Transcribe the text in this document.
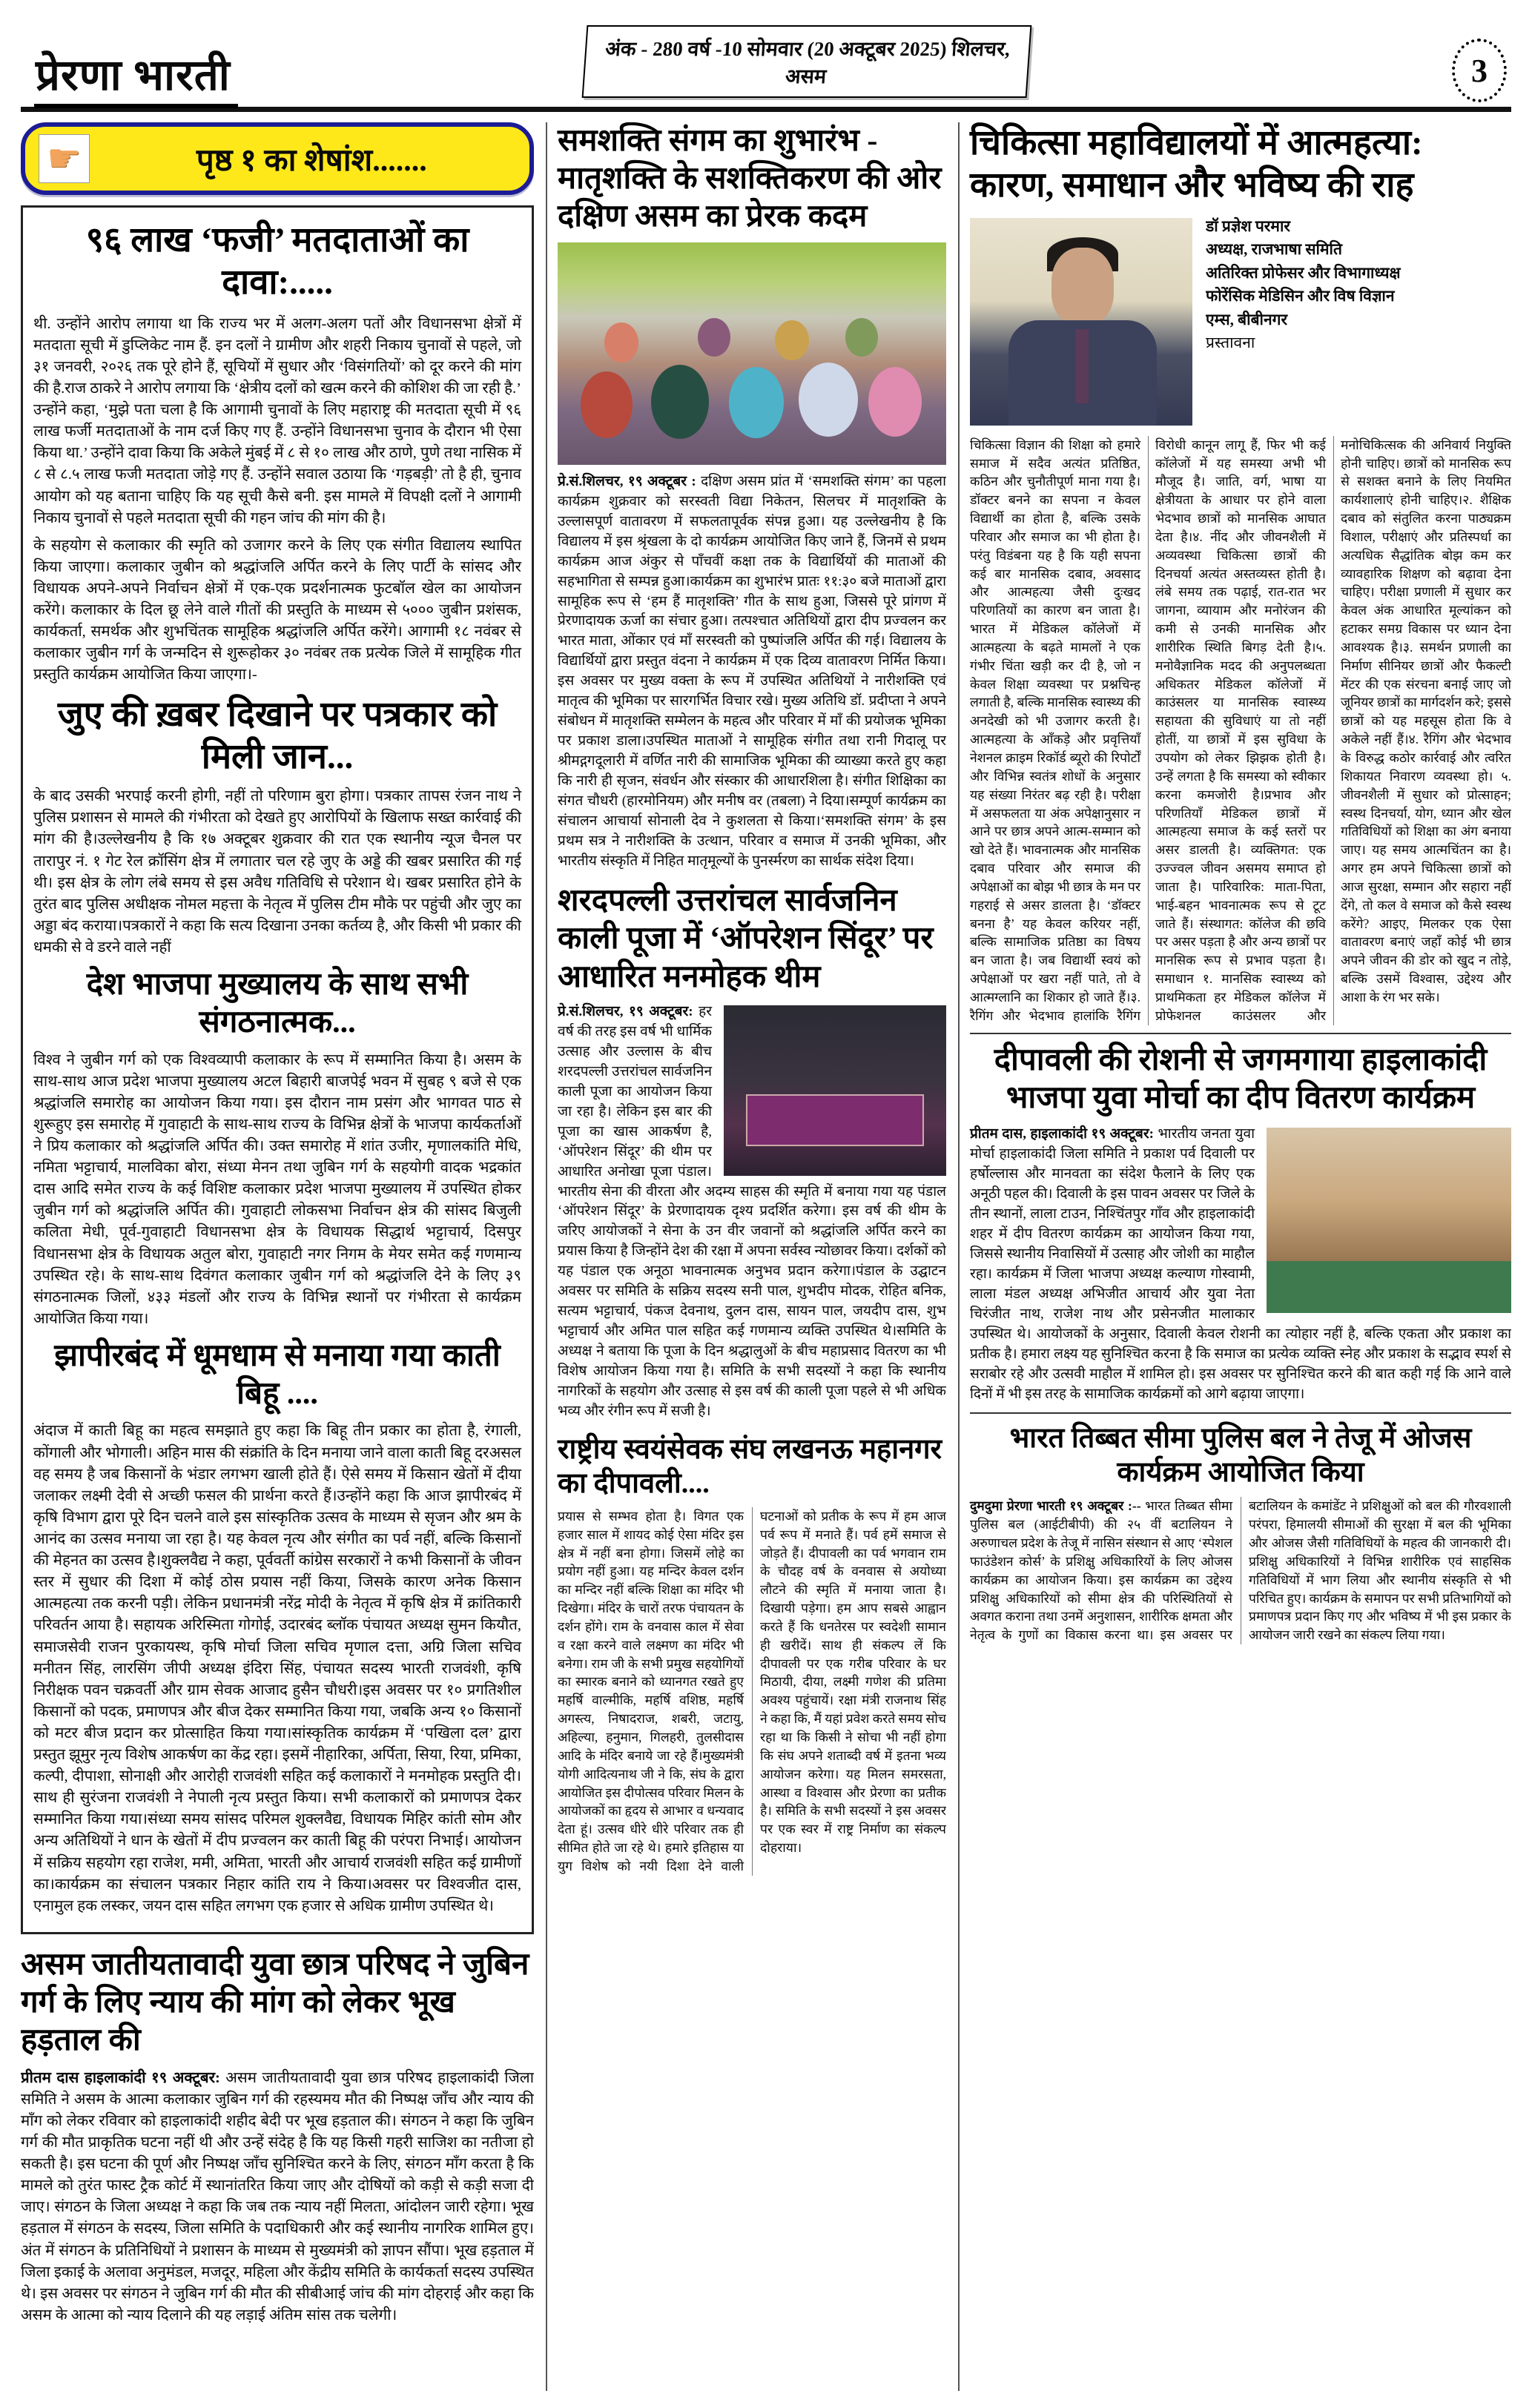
प्रेरणा भारती
अंक - 280 वर्ष -10 सोमवार (20 अक्टूबर 2025) शिलचर, असम	3
☛	पृष्ठ १ का शेषांश.......
९६ लाख ‘फजी’ मतदाताओं का दावा:.....
थी. उन्होंने आरोप लगाया था कि राज्य भर में अलग-अलग पतों और विधानसभा क्षेत्रों में मतदाता सूची में डुप्लिकेट नाम हैं. इन दलों ने ग्रामीण और शहरी निकाय चुनावों से पहले, जो ३१ जनवरी, २०२६ तक पूरे होने हैं, सूचियों में सुधार और ‘विसंगतियों’ को दूर करने की मांग की है.राज ठाकरे ने आरोप लगाया कि ‘क्षेत्रीय दलों को खत्म करने की कोशिश की जा रही है.’ उन्होंने कहा, ‘मुझे पता चला है कि आगामी चुनावों के लिए महाराष्ट्र की मतदाता सूची में ९६ लाख फर्जी मतदाताओं के नाम दर्ज किए गए हैं. उन्होंने विधानसभा चुनाव के दौरान भी ऐसा किया था.’ उन्होंने दावा किया कि अकेले मुंबई में ८ से १० लाख और ठाणे, पुणे तथा नासिक में ८ से ८.५ लाख फजी मतदाता जोड़े गए हैं. उन्होंने सवाल उठाया कि ‘गड़बड़ी’ तो है ही, चुनाव आयोग को यह बताना चाहिए कि यह सूची कैसे बनी. इस मामले में विपक्षी दलों ने आगामी निकाय चुनावों से पहले मतदाता सूची की गहन जांच की मांग की है।
के सहयोग से कलाकार की स्मृति को उजागर करने के लिए एक संगीत विद्यालय स्थापित किया जाएगा। कलाकार जुबीन को श्रद्धांजलि अर्पित करने के लिए पार्टी के सांसद और विधायक अपने-अपने निर्वाचन क्षेत्रों में एक-एक प्रदर्शनात्मक फुटबॉल खेल का आयोजन करेंगे। कलाकार के दिल छू लेने वाले गीतों की प्रस्तुति के माध्यम से ५००० जुबीन प्रशंसक, कार्यकर्ता, समर्थक और शुभचिंतक सामूहिक श्रद्धांजलि अर्पित करेंगे। आगामी १८ नवंबर से कलाकार जुबीन गर्ग के जन्मदिन से शुरूहोकर ३० नवंबर तक प्रत्येक जिले में सामूहिक गीत प्रस्तुति कार्यक्रम आयोजित किया जाएगा।-
जुए की ख़बर दिखाने पर पत्रकार को मिली जान...
के बाद उसकी भरपाई करनी होगी, नहीं तो परिणाम बुरा होगा। पत्रकार तापस रंजन नाथ ने पुलिस प्रशासन से मामले की गंभीरता को देखते हुए आरोपियों के खिलाफ सख्त कार्रवाई की मांग की है।उल्लेखनीय है कि १७ अक्टूबर शुक्रवार की रात एक स्थानीय न्यूज चैनल पर तारापुर नं. १ गेट रेल क्रॉसिंग क्षेत्र में लगातार चल रहे जुए के अड्डे की खबर प्रसारित की गई थी। इस क्षेत्र के लोग लंबे समय से इस अवैध गतिविधि से परेशान थे। खबर प्रसारित होने के तुरंत बाद पुलिस अधीक्षक नोमल महत्ता के नेतृत्व में पुलिस टीम मौके पर पहुंची और जुए का अड्डा बंद कराया।पत्रकारों ने कहा कि सत्य दिखाना उनका कर्तव्य है, और किसी भी प्रकार की धमकी से वे डरने वाले नहीं
देश भाजपा मुख्यालय के साथ सभी संगठनात्मक...
विश्व ने जुबीन गर्ग को एक विश्वव्यापी कलाकार के रूप में सम्मानित किया है। असम के साथ-साथ आज प्रदेश भाजपा मुख्यालय अटल बिहारी बाजपेई भवन में सुबह ९ बजे से एक श्रद्धांजलि समारोह का आयोजन किया गया। इस दौरान नाम प्रसंग और भागवत पाठ से शुरूहुए इस समारोह में गुवाहाटी के साथ-साथ राज्य के विभिन्न क्षेत्रों के भाजपा कार्यकर्ताओं ने प्रिय कलाकार को श्रद्धांजलि अर्पित की। उक्त समारोह में शांत उजीर, मृणालकांति मेधि, नमिता भट्टाचार्य, मालविका बोरा, संध्या मेनन तथा जुबिन गर्ग के सहयोगी वादक भद्रकांत दास आदि समेत राज्य के कई विशिष्ट कलाकार प्रदेश भाजपा मुख्यालय में उपस्थित होकर जुबीन गर्ग को श्रद्धांजलि अर्पित की। गुवाहाटी लोकसभा निर्वाचन क्षेत्र की सांसद बिजुली कलिता मेधी, पूर्व-गुवाहाटी विधानसभा क्षेत्र के विधायक सिद्धार्थ भट्टाचार्य, दिसपुर विधानसभा क्षेत्र के विधायक अतुल बोरा, गुवाहाटी नगर निगम के मेयर समेत कई गणमान्य उपस्थित रहे। के साथ-साथ दिवंगत कलाकार जुबीन गर्ग को श्रद्धांजलि देने के लिए ३९ संगठनात्मक जिलों, ४३३ मंडलों और राज्य के विभिन्न स्थानों पर गंभीरता से कार्यक्रम आयोजित किया गया।
झापीरबंद में धूमधाम से मनाया गया काती बिहू ....
अंदाज में काती बिहू का महत्व समझाते हुए कहा कि बिहू तीन प्रकार का होता है, रंगाली, कोंगाली और भोगाली। अहिन मास की संक्रांति के दिन मनाया जाने वाला काती बिहू दरअसल वह समय है जब किसानों के भंडार लगभग खाली होते हैं। ऐसे समय में किसान खेतों में दीया जलाकर लक्ष्मी देवी से अच्छी फसल की प्रार्थना करते हैं।उन्होंने कहा कि आज झापीरबंद में कृषि विभाग द्वारा पूरे दिन चलने वाले इस सांस्कृतिक उत्सव के माध्यम से सृजन और श्रम के आनंद का उत्सव मनाया जा रहा है। यह केवल नृत्य और संगीत का पर्व नहीं, बल्कि किसानों की मेहनत का उत्सव है।शुक्लवैद्य ने कहा, पूर्ववर्ती कांग्रेस सरकारों ने कभी किसानों के जीवन स्तर में सुधार की दिशा में कोई ठोस प्रयास नहीं किया, जिसके कारण अनेक किसान आत्महत्या तक करनी पड़ी। लेकिन प्रधानमंत्री नरेंद्र मोदी के नेतृत्व में कृषि क्षेत्र में क्रांतिकारी परिवर्तन आया है। सहायक अरिस्मिता गोगोई, उदारबंद ब्लॉक पंचायत अध्यक्ष सुमन कियौत, समाजसेवी राजन पुरकायस्थ, कृषि मोर्चा जिला सचिव मृणाल दत्ता, अग्रि जिला सचिव मनीतन सिंह, लारसिंग जीपी अध्यक्ष इंदिरा सिंह, पंचायत सदस्य भारती राजवंशी, कृषि निरीक्षक पवन चक्रवर्ती और ग्राम सेवक आजाद हुसैन चौधरी।इस अवसर पर १० प्रगतिशील किसानों को पदक, प्रमाणपत्र और बीज देकर सम्मानित किया गया, जबकि अन्य १० किसानों को मटर बीज प्रदान कर प्रोत्साहित किया गया।सांस्कृतिक कार्यक्रम में ‘पखिला दल’ द्वारा प्रस्तुत झूमुर नृत्य विशेष आकर्षण का केंद्र रहा। इसमें नीहारिका, अर्पिता, सिया, रिया, प्रमिका, कल्पी, दीपाशा, सोनाक्षी और आरोही राजवंशी सहित कई कलाकारों ने मनमोहक प्रस्तुति दी। साथ ही सुरंजना राजवंशी ने नेपाली नृत्य प्रस्तुत किया। सभी कलाकारों को प्रमाणपत्र देकर सम्मानित किया गया।संध्या समय सांसद परिमल शुक्लवैद्य, विधायक मिहिर कांती सोम और अन्य अतिथियों ने धान के खेतों में दीप प्रज्वलन कर काती बिहू की परंपरा निभाई। आयोजन में सक्रिय सहयोग रहा राजेश, ममी, अमिता, भारती और आचार्य राजवंशी सहित कई ग्रामीणों का।कार्यक्रम का संचालन पत्रकार निहार कांति राय ने किया।अवसर पर विश्वजीत दास, एनामुल हक लस्कर, जयन दास सहित लगभग एक हजार से अधिक ग्रामीण उपस्थित थे।
असम जातीयतावादी युवा छात्र परिषद ने जुबिन गर्ग के लिए न्याय की मांग को लेकर भूख हड़ताल की
प्रीतम दास हाइलाकांदी १९ अक्टूबर: असम जातीयतावादी युवा छात्र परिषद हाइलाकांदी जिला समिति ने असम के आत्मा कलाकार जुबिन गर्ग की रहस्यमय मौत की निष्पक्ष जाँच और न्याय की माँग को लेकर रविवार को हाइलाकांदी शहीद बेदी पर भूख हड़ताल की। संगठन ने कहा कि जुबिन गर्ग की मौत प्राकृतिक घटना नहीं थी और उन्हें संदेह है कि यह किसी गहरी साजिश का नतीजा हो सकती है। इस घटना की पूर्ण और निष्पक्ष जाँच सुनिश्चित करने के लिए, संगठन माँग करता है कि मामले को तुरंत फास्ट ट्रैक कोर्ट में स्थानांतरित किया जाए और दोषियों को कड़ी से कड़ी सजा दी जाए। संगठन के जिला अध्यक्ष ने कहा कि जब तक न्याय नहीं मिलता, आंदोलन जारी रहेगा। भूख हड़ताल में संगठन के सदस्य, जिला समिति के पदाधिकारी और कई स्थानीय नागरिक शामिल हुए। अंत में संगठन के प्रतिनिधियों ने प्रशासन के माध्यम से मुख्यमंत्री को ज्ञापन सौंपा। भूख हड़ताल में जिला इकाई के अलावा अनुमंडल, मजदूर, महिला और केंद्रीय समिति के कार्यकर्ता सदस्य उपस्थित थे। इस अवसर पर संगठन ने जुबिन गर्ग की मौत की सीबीआई जांच की मांग दोहराई और कहा कि असम के आत्मा को न्याय दिलाने की यह लड़ाई अंतिम सांस तक चलेगी।
समशक्ति संगम का शुभारंभ - मातृशक्ति के सशक्तिकरण की ओर दक्षिण असम का प्रेरक कदम
प्रे.सं.शिलचर, १९ अक्टूबर : दक्षिण असम प्रांत में ‘समशक्ति संगम’ का पहला कार्यक्रम शुक्रवार को सरस्वती विद्या निकेतन, सिलचर में मातृशक्ति के उल्लासपूर्ण वातावरण में सफलतापूर्वक संपन्न हुआ। यह उल्लेखनीय है कि विद्यालय में इस श्रृंखला के दो कार्यक्रम आयोजित किए जाने हैं, जिनमें से प्रथम कार्यक्रम आज अंकुर से पाँचवीं कक्षा तक के विद्यार्थियों की माताओं की सहभागिता से सम्पन्न हुआ।कार्यक्रम का शुभारंभ प्रातः ११:३० बजे माताओं द्वारा सामूहिक रूप से ‘हम हैं मातृशक्ति’ गीत के साथ हुआ, जिससे पूरे प्रांगण में प्रेरणादायक ऊर्जा का संचार हुआ। तत्पश्चात अतिथियों द्वारा दीप प्रज्वलन कर भारत माता, ओंकार एवं माँ सरस्वती को पुष्पांजलि अर्पित की गई। विद्यालय के विद्यार्थियों द्वारा प्रस्तुत वंदना ने कार्यक्रम में एक दिव्य वातावरण निर्मित किया।इस अवसर पर मुख्य वक्ता के रूप में उपस्थित अतिथियों ने नारीशक्ति एवं मातृत्व की भूमिका पर सारगर्भित विचार रखे। मुख्य अतिथि डॉ. प्रदीप्ता ने अपने संबोधन में मातृशक्ति सम्मेलन के महत्व और परिवार में माँ की प्रयोजक भूमिका पर प्रकाश डाला।उपस्थित माताओं ने सामूहिक संगीत तथा रानी गिदालू पर श्रीमद्गगदूलारी में वर्णित नारी की सामाजिक भूमिका की व्याख्या करते हुए कहा कि नारी ही सृजन, संवर्धन और संस्कार की आधारशिला है। संगीत शिक्षिका का संगत चौधरी (हारमोनियम) और मनीष वर (तबला) ने दिया।सम्पूर्ण कार्यक्रम का संचालन आचार्या सोनाली देव ने कुशलता से किया।‘समशक्ति संगम’ के इस प्रथम सत्र ने नारीशक्ति के उत्थान, परिवार व समाज में उनकी भूमिका, और भारतीय संस्कृति में निहित मातृमूल्यों के पुनर्स्मरण का सार्थक संदेश दिया।
शरदपल्ली उत्तरांचल सार्वजनिन काली पूजा में ‘ऑपरेशन सिंदूर’ पर आधारित मनमोहक थीम
प्रे.सं.शिलचर, १९ अक्टूबर: हर वर्ष की तरह इस वर्ष भी धार्मिक उत्साह और उल्लास के बीच शरदपल्ली उत्तरांचल सार्वजनिन काली पूजा का आयोजन किया जा रहा है। लेकिन इस बार की पूजा का खास आकर्षण है, ‘ऑपरेशन सिंदूर’ की थीम पर आधारित अनोखा पूजा पंडाल। भारतीय सेना की वीरता और अदम्य साहस की स्मृति में बनाया गया यह पंडाल ‘ऑपरेशन सिंदूर’ के प्रेरणादायक दृश्य प्रदर्शित करेगा। इस वर्ष की थीम के जरिए आयोजकों ने सेना के उन वीर जवानों को श्रद्धांजलि अर्पित करने का प्रयास किया है जिन्होंने देश की रक्षा में अपना सर्वस्व न्योछावर किया। दर्शकों को यह पंडाल एक अनूठा भावनात्मक अनुभव प्रदान करेगा।पंडाल के उद्घाटन अवसर पर समिति के सक्रिय सदस्य सनी पाल, शुभदीप मोदक, रोहित बनिक, सत्यम भट्टाचार्य, पंकज देवनाथ, दुलन दास, सायन पाल, जयदीप दास, शुभ भट्टाचार्य और अमित पाल सहित कई गणमान्य व्यक्ति उपस्थित थे।समिति के अध्यक्ष ने बताया कि पूजा के दिन श्रद्धालुओं के बीच महाप्रसाद वितरण का भी विशेष आयोजन किया गया है। समिति के सभी सदस्यों ने कहा कि स्थानीय नागरिकों के सहयोग और उत्साह से इस वर्ष की काली पूजा पहले से भी अधिक भव्य और रंगीन रूप में सजी है।
राष्ट्रीय स्वयंसेवक संघ लखनऊ महानगर का दीपावली....
प्रयास से सम्भव होता है। विगत एक हजार साल में शायद कोई ऐसा मंदिर इस क्षेत्र में नहीं बना होगा। जिसमें लोहे का प्रयोग नहीं हुआ। यह मन्दिर केवल दर्शन का मन्दिर नहीं बल्कि शिक्षा का मंदिर भी दिखेगा। मंदिर के चारों तरफ पंचायतन के दर्शन होंगे। राम के वनवास काल में सेवा व रक्षा करने वाले लक्ष्मण का मंदिर भी बनेगा। राम जी के सभी प्रमुख सहयोगियों का स्मारक बनाने को ध्यानगत रखते हुए महर्षि वाल्मीकि, महर्षि वशिष्ठ, महर्षि अगस्त्य, निषादराज, शबरी, जटायु, अहिल्या, हनुमान, गिलहरी, तुलसीदास आदि के मंदिर बनाये जा रहे हैं।मुख्यमंत्री योगी आदित्यनाथ जी ने कि, संघ के द्वारा आयोजित इस दीपोत्सव परिवार मिलन के आयोजकों का हृदय से आभार व धन्यवाद देता हूं। उत्सव धीरे धीरे परिवार तक ही सीमित होते जा रहे थे। हमारे इतिहास या युग विशेष को नयी दिशा देने वाली घटनाओं को प्रतीक के रूप में हम आज पर्व रूप में मनाते हैं। पर्व हमें समाज से जोड़ते हैं। दीपावली का पर्व भगवान राम के चौदह वर्ष के वनवास से अयोध्या लौटने की स्मृति में मनाया जाता है। दिखायी पड़ेगा। हम आप सबसे आह्वान करते हैं कि धनतेरस पर स्वदेशी सामान ही खरीदें। साथ ही संकल्प लें कि दीपावली पर एक गरीब परिवार के घर मिठायी, दीया, लक्ष्मी गणेश की प्रतिमा अवश्य पहुंचायें। रक्षा मंत्री राजनाथ सिंह ने कहा कि, मैं यहां प्रवेश करते समय सोच रहा था कि किसी ने सोचा भी नहीं होगा कि संघ अपने शताब्दी वर्ष में इतना भव्य आयोजन करेगा। यह मिलन समरसता, आस्था व विश्वास और प्रेरणा का प्रतीक है। समिति के सभी सदस्यों ने इस अवसर पर एक स्वर में राष्ट्र निर्माण का संकल्प दोहराया।
चिकित्सा महाविद्यालयों में आत्महत्या: कारण, समाधान और भविष्य की राह
डॉ प्रज्ञेश परमार
अध्यक्ष, राजभाषा समिति
अतिरिक्त प्रोफेसर और विभागाध्यक्ष
फोरेंसिक मेडिसिन और विष विज्ञान
एम्स, बीबीनगर
प्रस्तावना
चिकित्सा विज्ञान की शिक्षा को हमारे समाज में सदैव अत्यंत प्रतिष्ठित, कठिन और चुनौतीपूर्ण माना गया है। डॉक्टर बनने का सपना न केवल विद्यार्थी का होता है, बल्कि उसके परिवार और समाज का भी होता है। परंतु विडंबना यह है कि यही सपना कई बार मानसिक दबाव, अवसाद और आत्महत्या जैसी दुःखद परिणतियों का कारण बन जाता है। भारत में मेडिकल कॉलेजों में आत्महत्या के बढ़ते मामलों ने एक गंभीर चिंता खड़ी कर दी है, जो न केवल शिक्षा व्यवस्था पर प्रश्नचिन्ह लगाती है, बल्कि मानसिक स्वास्थ्य की अनदेखी को भी उजागर करती है।आत्महत्या के आँकड़े और प्रवृत्तियाँ नेशनल क्राइम रिकॉर्ड ब्यूरो की रिपोर्टों और विभिन्न स्वतंत्र शोधों के अनुसार यह संख्या निरंतर बढ़ रही है। परीक्षा में असफलता या अंक अपेक्षानुसार न आने पर छात्र अपने आत्म-सम्मान को खो देते हैं। भावनात्मक और मानसिक दबाव परिवार और समाज की अपेक्षाओं का बोझ भी छात्र के मन पर गहराई से असर डालता है। ‘डॉक्टर बनना है’ यह केवल करियर नहीं, बल्कि सामाजिक प्रतिष्ठा का विषय बन जाता है। जब विद्यार्थी स्वयं को अपेक्षाओं पर खरा नहीं पाते, तो वे आत्मग्लानि का शिकार हो जाते हैं।३. रैगिंग और भेदभाव हालांकि रैगिंग विरोधी कानून लागू हैं, फिर भी कई कॉलेजों में यह समस्या अभी भी मौजूद है। जाति, वर्ग, भाषा या क्षेत्रीयता के आधार पर होने वाला भेदभाव छात्रों को मानसिक आघात देता है।४. नींद और जीवनशैली में अव्यवस्था चिकित्सा छात्रों की दिनचर्या अत्यंत अस्तव्यस्त होती है। लंबे समय तक पढ़ाई, रात-रात भर जागना, व्यायाम और मनोरंजन की कमी से उनकी मानसिक और शारीरिक स्थिति बिगड़ देती है।५. मनोवैज्ञानिक मदद की अनुपलब्धता अधिकतर मेडिकल कॉलेजों में काउंसलर या मानसिक स्वास्थ्य सहायता की सुविधाएं या तो नहीं होतीं, या छात्रों में इस सुविधा के उपयोग को लेकर झिझक होती है। उन्हें लगता है कि समस्या को स्वीकार करना कमजोरी है।प्रभाव और परिणतियाँ मेडिकल छात्रों में आत्महत्या समाज के कई स्तरों पर असर डालती है। व्यक्तिगत: एक उज्ज्वल जीवन असमय समाप्त हो जाता है। पारिवारिक: माता-पिता, भाई-बहन भावनात्मक रूप से टूट जाते हैं। संस्थागत: कॉलेज की छवि पर असर पड़ता है और अन्य छात्रों पर मानसिक रूप से प्रभाव पड़ता है।समाधान १. मानसिक स्वास्थ्य को प्राथमिकता हर मेडिकल कॉलेज में प्रोफेशनल काउंसलर और मनोचिकित्सक की अनिवार्य नियुक्ति होनी चाहिए। छात्रों को मानसिक रूप से सशक्त बनाने के लिए नियमित कार्यशालाएं होनी चाहिए।२. शैक्षिक दबाव को संतुलित करना पाठ्यक्रम विशाल, परीक्षाएं और प्रतिस्पर्धा का अत्यधिक सैद्धांतिक बोझ कम कर व्यावहारिक शिक्षण को बढ़ावा देना चाहिए। परीक्षा प्रणाली में सुधार कर केवल अंक आधारित मूल्यांकन को हटाकर समग्र विकास पर ध्यान देना आवश्यक है।३. समर्थन प्रणाली का निर्माण सीनियर छात्रों और फैकल्टी मेंटर की एक संरचना बनाई जाए जो जूनियर छात्रों का मार्गदर्शन करे; इससे छात्रों को यह महसूस होता कि वे अकेले नहीं हैं।४. रैगिंग और भेदभाव के विरुद्ध कठोर कार्रवाई और त्वरित शिकायत निवारण व्यवस्था हो। ५. जीवनशैली में सुधार को प्रोत्साहन; स्वस्थ दिनचर्या, योग, ध्यान और खेल गतिविधियों को शिक्षा का अंग बनाया जाए। यह समय आत्मचिंतन का है। अगर हम अपने चिकित्सा छात्रों को आज सुरक्षा, सम्मान और सहारा नहीं देंगे, तो कल वे समाज को कैसे स्वस्थ करेंगे? आइए, मिलकर एक ऐसा वातावरण बनाएं जहाँ कोई भी छात्र अपने जीवन की डोर को खुद न तोड़े, बल्कि उसमें विश्वास, उद्देश्य और आशा के रंग भर सके।
दीपावली की रोशनी से जगमगाया हाइलाकांदी भाजपा युवा मोर्चा का दीप वितरण कार्यक्रम
प्रीतम दास, हाइलाकांदी १९ अक्टूबर: भारतीय जनता युवा मोर्चा हाइलाकांदी जिला समिति ने प्रकाश पर्व दिवाली पर हर्षोल्लास और मानवता का संदेश फैलाने के लिए एक अनूठी पहल की। दिवाली के इस पावन अवसर पर जिले के तीन स्थानों, लाला टाउन, निश्चिंतपुर गाँव और हाइलाकांदी शहर में दीप वितरण कार्यक्रम का आयोजन किया गया, जिससे स्थानीय निवासियों में उत्साह और जोशी का माहौल रहा। कार्यक्रम में जिला भाजपा अध्यक्ष कल्याण गोस्वामी, लाला मंडल अध्यक्ष अभिजीत आचार्य और युवा नेता चिरंजीत नाथ, राजेश नाथ और प्रसेनजीत मालाकार उपस्थित थे। आयोजकों के अनुसार, दिवाली केवल रोशनी का त्योहार नहीं है, बल्कि एकता और प्रकाश का प्रतीक है। हमारा लक्ष्य यह सुनिश्चित करना है कि समाज का प्रत्येक व्यक्ति स्नेह और प्रकाश के सद्भाव स्पर्श से सराबोर रहे और उत्सवी माहौल में शामिल हो। इस अवसर पर सुनिश्चित करने की बात कही गई कि आने वाले दिनों में भी इस तरह के सामाजिक कार्यक्रमों को आगे बढ़ाया जाएगा।
भारत तिब्बत सीमा पुलिस बल ने तेजू में ओजस कार्यक्रम आयोजित किया
दुमदुमा प्रेरणा भारती १९ अक्टूबर :-- भारत तिब्बत सीमा पुलिस बल (आईटीबीपी) की २५ वीं बटालियन ने अरुणाचल प्रदेश के तेजू में नासिन संस्थान से आए ‘स्पेशल फाउंडेशन कोर्स’ के प्रशिक्षु अधिकारियों के लिए ओजस कार्यक्रम का आयोजन किया। इस कार्यक्रम का उद्देश्य प्रशिक्षु अधिकारियों को सीमा क्षेत्र की परिस्थितियों से अवगत कराना तथा उनमें अनुशासन, शारीरिक क्षमता और नेतृत्व के गुणों का विकास करना था। इस अवसर पर बटालियन के कमांडेंट ने प्रशिक्षुओं को बल की गौरवशाली परंपरा, हिमालयी सीमाओं की सुरक्षा में बल की भूमिका और ओजस जैसी गतिविधियों के महत्व की जानकारी दी। प्रशिक्षु अधिकारियों ने विभिन्न शारीरिक एवं साहसिक गतिविधियों में भाग लिया और स्थानीय संस्कृति से भी परिचित हुए। कार्यक्रम के समापन पर सभी प्रतिभागियों को प्रमाणपत्र प्रदान किए गए और भविष्य में भी इस प्रकार के आयोजन जारी रखने का संकल्प लिया गया।
